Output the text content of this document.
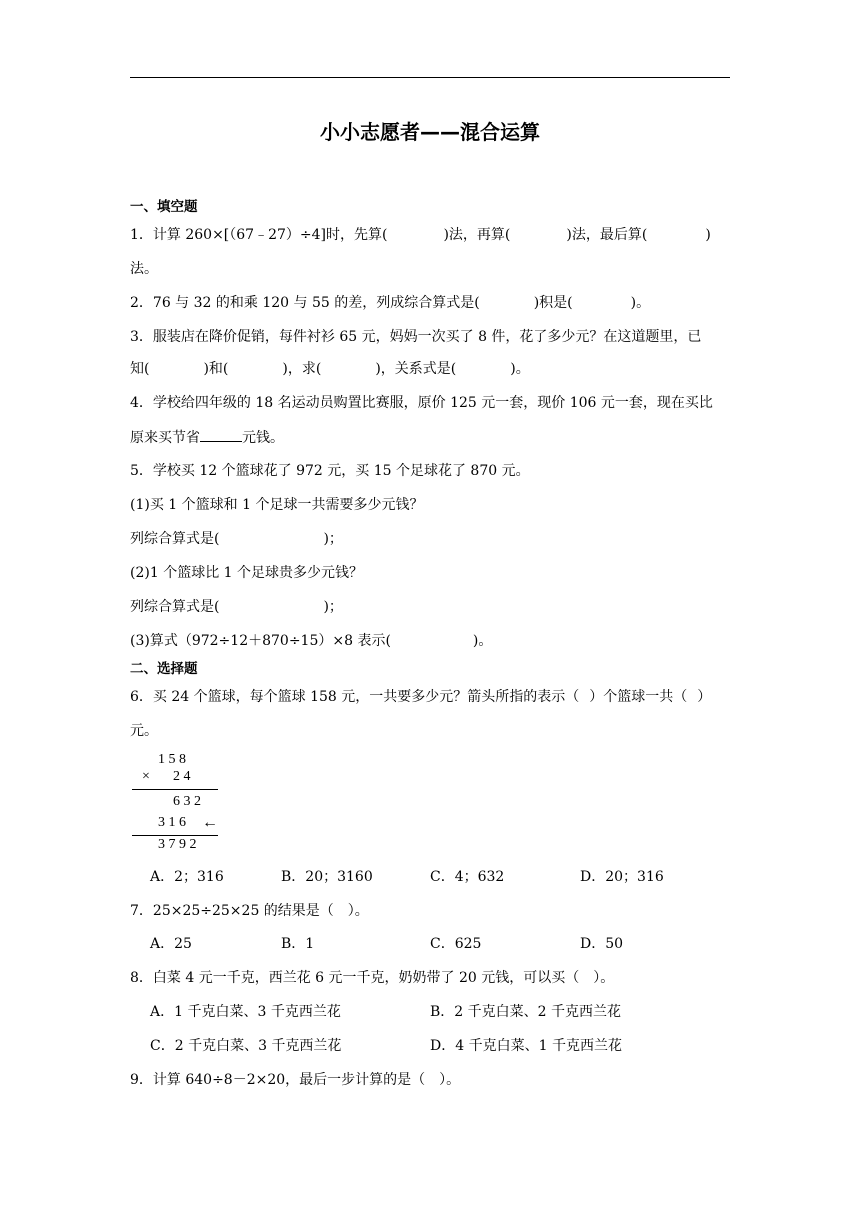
小小志愿者——混合运算
一、填空题
1．计算 260×[（67﹣27）÷4]时，先算(	)法，再算(	)法，最后算(	)
法。
2．76 与 32 的和乘 120 与 55 的差，列成综合算式是(	)积是(	)。
3．服装店在降价促销，每件衬衫 65 元，妈妈一次买了 8 件，花了多少元？在这道题里，已
知(	)和(	)，求(	)，关系式是(	)。
4．学校给四年级的 18 名运动员购置比赛服，原价 125 元一套，现价 106 元一套，现在买比
原来买节省	元钱。
5．学校买 12 个篮球花了 972 元，买 15 个足球花了 870 元。
(1)买 1 个篮球和 1 个足球一共需要多少元钱？
列综合算式是(	)；
(2)1 个篮球比 1 个足球贵多少元钱？
列综合算式是(	)；
(3)算式（972÷12＋870÷15）×8 表示(	)。
二、选择题
6．买 24 个篮球，每个篮球 158 元，一共要多少元？箭头所指的表示（ ）个篮球一共（ ）
元。
1 5 8
× 2 4
6 3 2
3 1 6 ←
3 7 9 2
A．2；316	B．20；3160	C．4；632	D．20；316
7．25×25÷25×25 的结果是（　）。
A．25	B．1	C．625	D．50
8．白菜 4 元一千克，西兰花 6 元一千克，奶奶带了 20 元钱，可以买（　）。
A．1 千克白菜、3 千克西兰花	B．2 千克白菜、2 千克西兰花
C．2 千克白菜、3 千克西兰花	D．4 千克白菜、1 千克西兰花
9．计算 640÷8－2×20，最后一步计算的是（　）。
